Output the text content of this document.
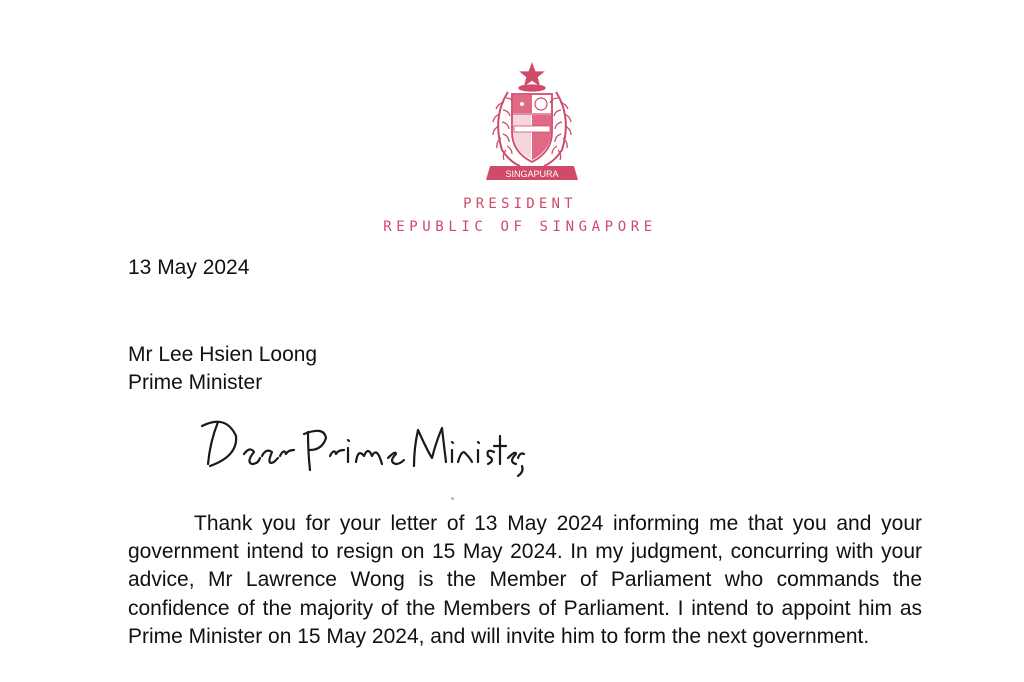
SINGAPURA
PRESIDENT
REPUBLIC OF SINGAPORE
13 May 2024
Mr Lee Hsien Loong
Prime Minister
Thank you for your letter of 13 May 2024 informing me that you and your government intend to resign on 15 May 2024. In my judgment, concurring with your advice, Mr Lawrence Wong is the Member of Parliament who commands the confidence of the majority of the Members of Parliament. I intend to appoint him as Prime Minister on 15 May 2024, and will invite him to form the next government.
